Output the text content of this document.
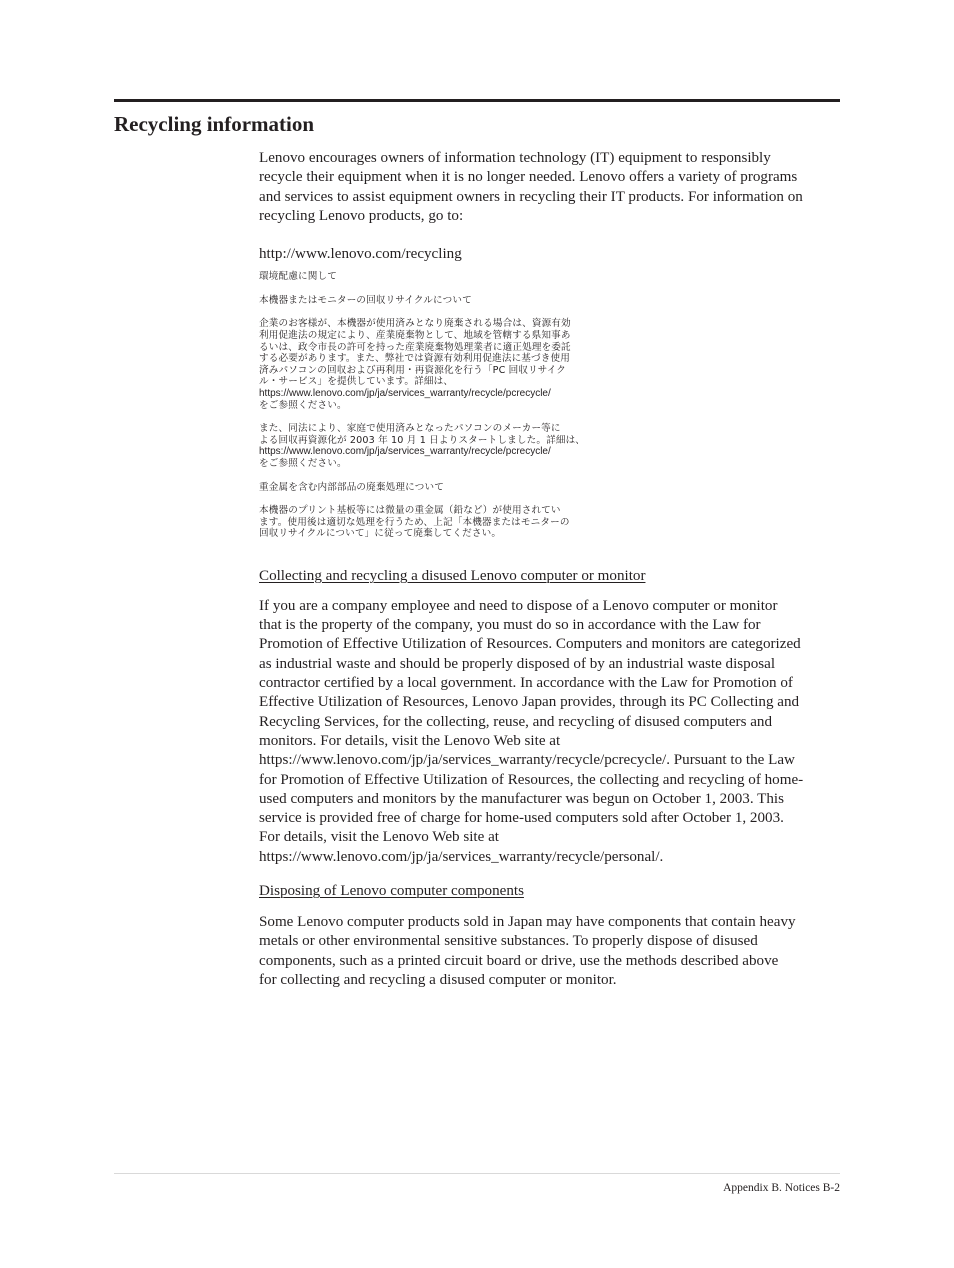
Recycling information

Lenovo encourages owners of information technology (IT) equipment to responsibly
recycle their equipment when it is no longer needed. Lenovo offers a variety of programs
and services to assist equipment owners in recycling their IT products. For information on
recycling Lenovo products, go to:

http://www.lenovo.com/recycling

環境配慮に関して

本機器またはモニターの回収リサイクルについて

企業のお客様が、本機器が使用済みとなり廃棄される場合は、資源有効

利用促進法の規定により、産業廃棄物として、地域を管轄する県知事あ

るいは、政令市長の許可を持った産業廃棄物処理業者に適正処理を委託

する必要があります。また、弊社では資源有効利用促進法に基づき使用

済みパソコンの回収および再利用・再資源化を行う「PC 回収リサイク

ル・サービス」を提供しています。詳細は、

https://www.lenovo.com/jp/ja/services_warranty/recycle/pcrecycle/

をご参照ください。

また、同法により、家庭で使用済みとなったパソコンのメーカー等に

よる回収再資源化が 2003 年 10 月 1 日よりスタートしました。詳細は、

https://www.lenovo.com/jp/ja/services_warranty/recycle/pcrecycle/

をご参照ください。

重金属を含む内部部品の廃棄処理について

本機器のプリント基板等には微量の重金属（鉛など）が使用されてい

ます。使用後は適切な処理を行うため、上記「本機器またはモニターの

回収リサイクルについて」に従って廃棄してください。

Collecting and recycling a disused Lenovo computer or monitor

If you are a company employee and need to dispose of a Lenovo computer or monitor
that is the property of the company, you must do so in accordance with the Law for
Promotion of Effective Utilization of Resources. Computers and monitors are categorized
as industrial waste and should be properly disposed of by an industrial waste disposal
contractor certified by a local government. In accordance with the Law for Promotion of
Effective Utilization of Resources, Lenovo Japan provides, through its PC Collecting and
Recycling Services, for the collecting, reuse, and recycling of disused computers and
monitors. For details, visit the Lenovo Web site at
https://www.lenovo.com/jp/ja/services_warranty/recycle/pcrecycle/. Pursuant to the Law
for Promotion of Effective Utilization of Resources, the collecting and recycling of home-
used computers and monitors by the manufacturer was begun on October 1, 2003. This
service is provided free of charge for home-used computers sold after October 1, 2003.
For details, visit the Lenovo Web site at
https://www.lenovo.com/jp/ja/services_warranty/recycle/personal/.

Disposing of Lenovo computer components

Some Lenovo computer products sold in Japan may have components that contain heavy
metals or other environmental sensitive substances. To properly dispose of disused
components, such as a printed circuit board or drive, use the methods described above
for collecting and recycling a disused computer or monitor.

Appendix B. Notices B-2
